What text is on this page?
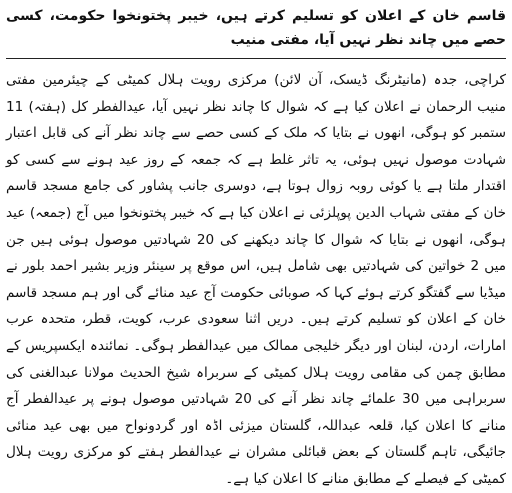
قاسم خان کے اعلان کو تسلیم کرتے ہیں، خیبر پختونخوا حکومت، کسی حصے میں چاند نظر نہیں آیا، مفتی منیب

کراچی، جدہ (مانیٹرنگ ڈیسک، آن لائن) مرکزی رویت ہلال کمیٹی کے چیئرمین مفتی منیب الرحمان نے اعلان کیا ہے کہ شوال کا چاند نظر نہیں آیا، عیدالفطر کل (ہفتہ) 11 ستمبر کو ہوگی، انھوں نے بتایا کہ ملک کے کسی حصے سے چاند نظر آنے کی قابل اعتبار شہادت موصول نہیں ہوئی، یہ تاثر غلط ہے کہ جمعہ کے روز عید ہونے سے کسی کو اقتدار ملتا ہے یا کوئی روبہ زوال ہوتا ہے، دوسری جانب پشاور کی جامع مسجد قاسم خان کے مفتی شہاب الدین پوپلزئی نے اعلان کیا ہے کہ خیبر پختونخوا میں آج (جمعہ) عید ہوگی، انھوں نے بتایا کہ شوال کا چاند دیکھنے کی 20 شہادتیں موصول ہوئی ہیں جن میں 2 خواتین کی شہادتیں بھی شامل ہیں، اس موقع پر سینئر وزیر بشیر احمد بلور نے میڈیا سے گفتگو کرتے ہوئے کہا کہ صوبائی حکومت آج عید منائے گی اور ہم مسجد قاسم خان کے اعلان کو تسلیم کرتے ہیں۔ دریں اثنا سعودی عرب، کویت، قطر، متحدہ عرب امارات، اردن، لبنان اور دیگر خلیجی ممالک میں عیدالفطر ہوگی۔ نمائندہ ایکسپریس کے مطابق چمن کی مقامی رویت ہلال کمیٹی کے سربراہ شیخ الحدیث مولانا عبدالغنی کی سربراہی میں 30 علمائے چاند نظر آنے کی 20 شہادتیں موصول ہونے پر عیدالفطر آج منانے کا اعلان کیا، قلعہ عبداللہ، گلستان میزئی اڈہ اور گردونواح میں بھی عید منائی جائیگی، تاہم گلستان کے بعض قبائلی مشران نے عیدالفطر ہفتے کو مرکزی رویت ہلال کمیٹی کے فیصلے کے مطابق منانے کا اعلان کیا ہے۔
